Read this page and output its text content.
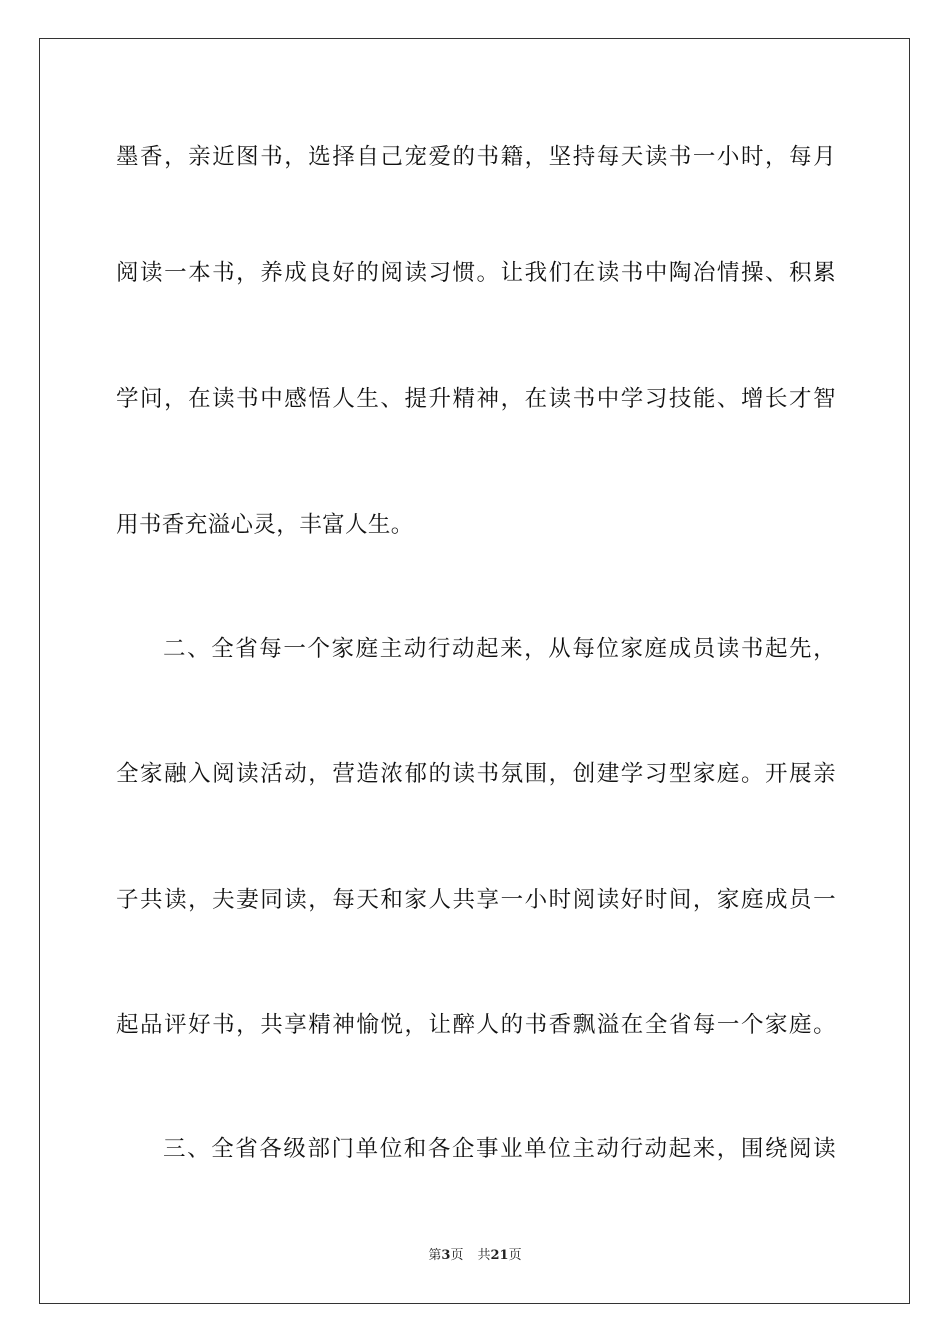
墨香，亲近图书，选择自己宠爱的书籍，坚持每天读书一小时，每月
阅读一本书，养成良好的阅读习惯。让我们在读书中陶冶情操、积累
学问，在读书中感悟人生、提升精神，在读书中学习技能、增长才智
用书香充溢心灵，丰富人生。
二、全省每一个家庭主动行动起来，从每位家庭成员读书起先，
全家融入阅读活动，营造浓郁的读书氛围，创建学习型家庭。开展亲
子共读，夫妻同读，每天和家人共享一小时阅读好时间，家庭成员一
起品评好书，共享精神愉悦，让醉人的书香飘溢在全省每一个家庭。
三、全省各级部门单位和各企事业单位主动行动起来，围绕阅读
第3页 共21页
